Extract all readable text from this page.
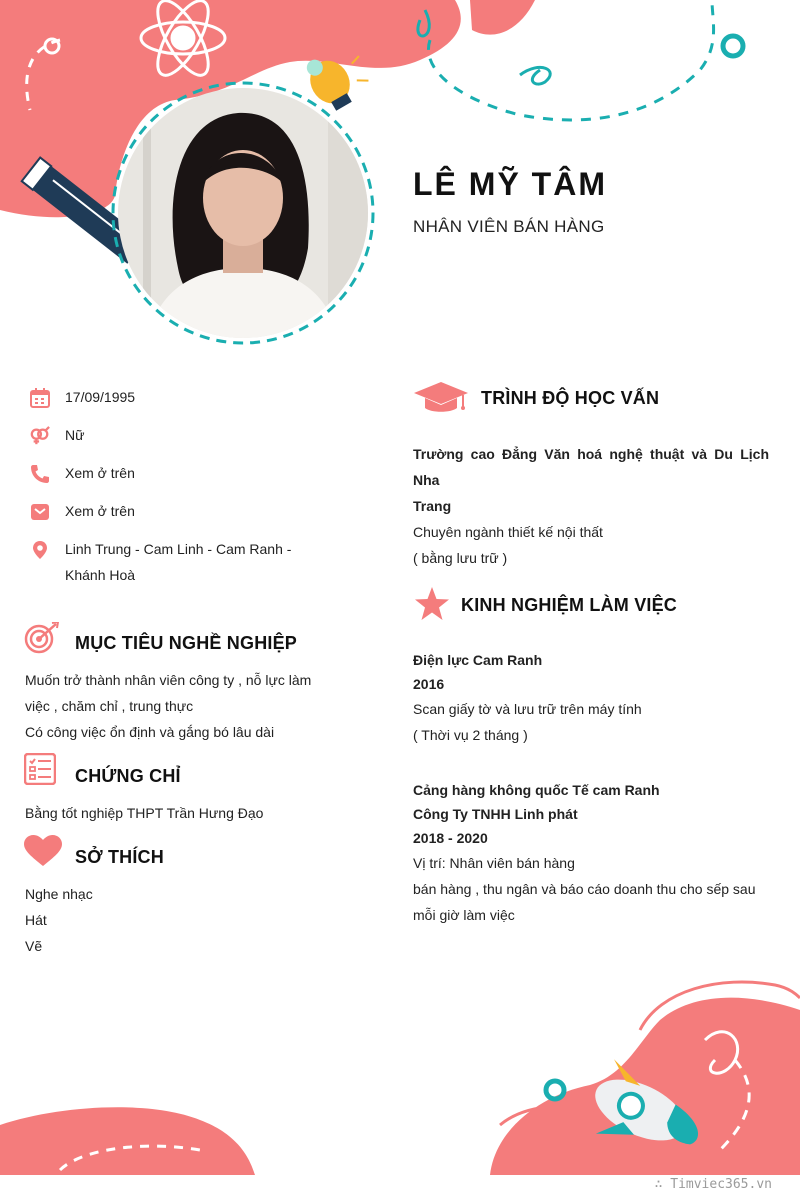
LÊ MỸ TÂM
NHÂN VIÊN BÁN HÀNG
17/09/1995
Nữ
Xem ở trên
Xem ở trên
Linh Trung - Cam Linh - Cam Ranh -
Khánh Hoà
MỤC TIÊU NGHỀ NGHIỆP
Muốn trở thành nhân viên công ty , nỗ lực làm
việc , chăm chỉ , trung thực
Có công việc ổn định và gắng bó lâu dài
CHỨNG CHỈ
Bằng tốt nghiệp THPT Trần Hưng Đạo
SỞ THÍCH
Nghe nhạc
Hát
Vẽ
TRÌNH ĐỘ HỌC VẤN
Trường cao Đẳng Văn hoá nghệ thuật và Du Lịch Nha
Trang
Chuyên ngành thiết kế nội thất
( bằng lưu trữ )
KINH NGHIỆM LÀM VIỆC
Điện lực Cam Ranh
2016
Scan giấy tờ và lưu trữ trên máy tính
( Thời vụ 2 tháng )
Cảng hàng không quốc Tế cam Ranh
Công Ty TNHH Linh phát
2018 - 2020
Vị trí: Nhân viên bán hàng
bán hàng , thu ngân và báo cáo doanh thu cho sếp sau
mỗi giờ làm việc
∴ Timviec365.vn
